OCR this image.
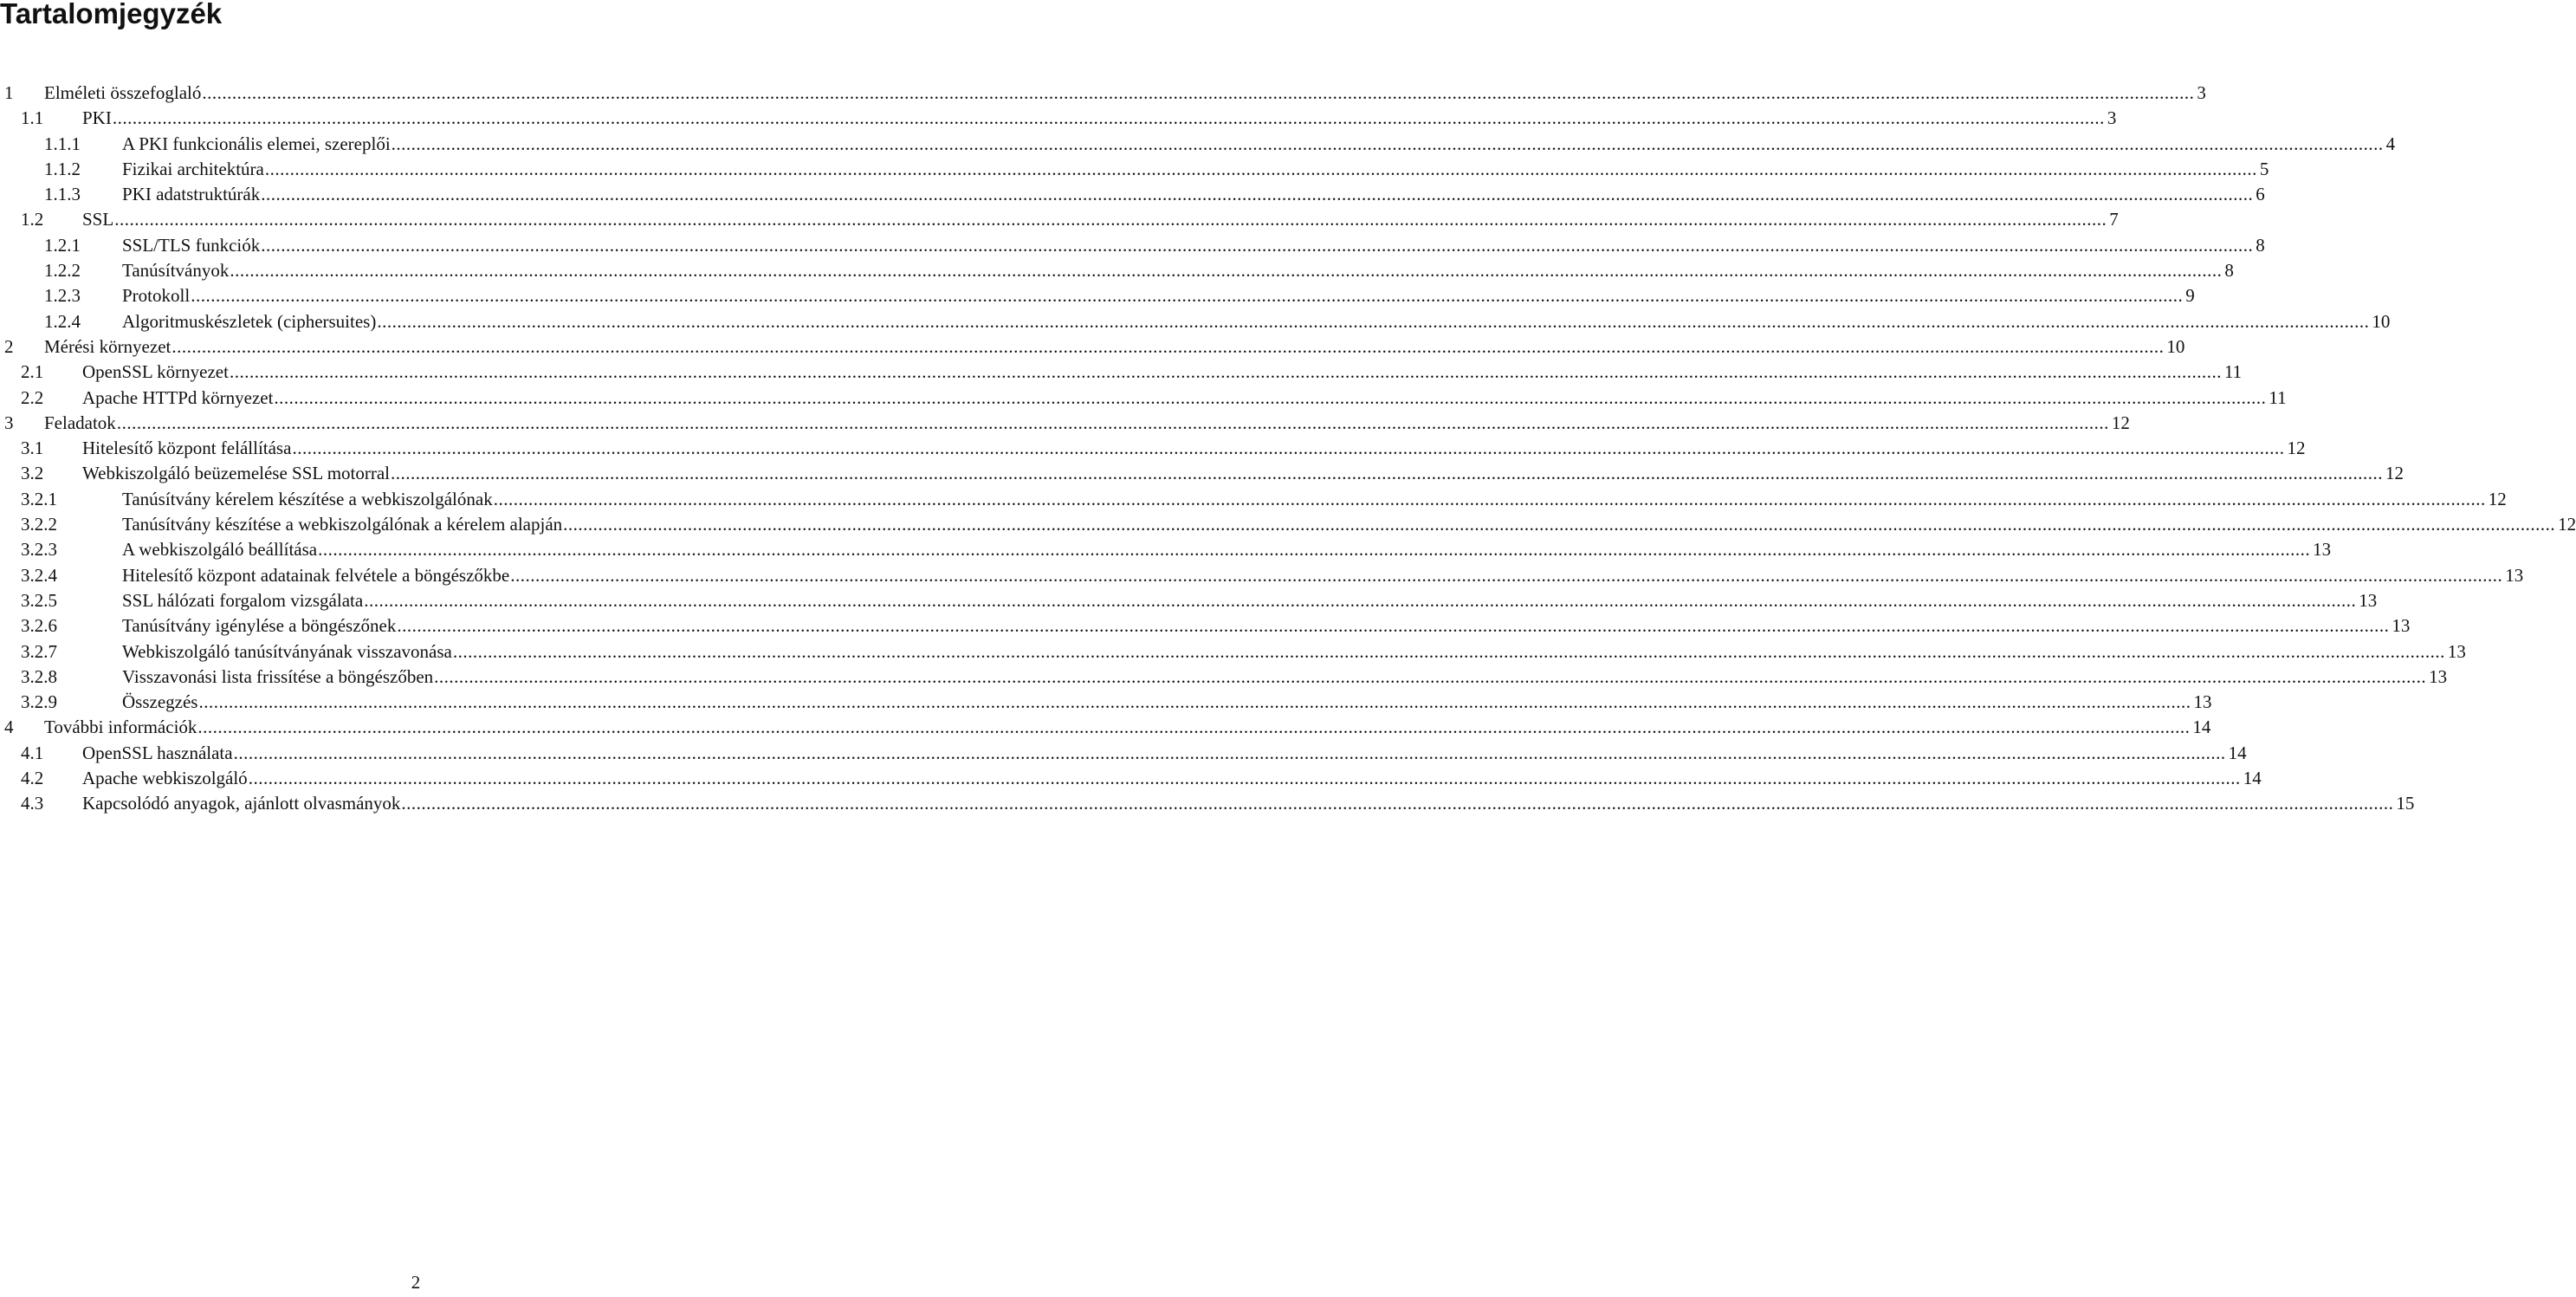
Tartalomjegyzék
1 Elméleti összefoglaló ................................................................................................................................................................................................................................................................................................................................................................................................................ 3
1.1 PKI ................................................................................................................................................................................................................................................................................................................................................................................................................ 3
1.1.1 A PKI funkcionális elemei, szereplői ................................................................................................................................................................................................................................................................................................................................................................................................................ 4
1.1.2 Fizikai architektúra ................................................................................................................................................................................................................................................................................................................................................................................................................ 5
1.1.3 PKI adatstruktúrák ................................................................................................................................................................................................................................................................................................................................................................................................................ 6
1.2 SSL ................................................................................................................................................................................................................................................................................................................................................................................................................ 7
1.2.1 SSL/TLS funkciók ................................................................................................................................................................................................................................................................................................................................................................................................................ 8
1.2.2 Tanúsítványok ................................................................................................................................................................................................................................................................................................................................................................................................................ 8
1.2.3 Protokoll ................................................................................................................................................................................................................................................................................................................................................................................................................ 9
1.2.4 Algoritmuskészletek (ciphersuites) ................................................................................................................................................................................................................................................................................................................................................................................................................ 10
2 Mérési környezet ................................................................................................................................................................................................................................................................................................................................................................................................................ 10
2.1 OpenSSL környezet ................................................................................................................................................................................................................................................................................................................................................................................................................ 11
2.2 Apache HTTPd környezet ................................................................................................................................................................................................................................................................................................................................................................................................................ 11
3 Feladatok ................................................................................................................................................................................................................................................................................................................................................................................................................ 12
3.1 Hitelesítő központ felállítása ................................................................................................................................................................................................................................................................................................................................................................................................................ 12
3.2 Webkiszolgáló beüzemelése SSL motorral ................................................................................................................................................................................................................................................................................................................................................................................................................ 12
3.2.1	Tanúsítvány kérelem készítése a webkiszolgálónak ................................................................................................................................................................................................................................................................................................................................................................................................................ 12
3.2.2	Tanúsítvány készítése a webkiszolgálónak a kérelem alapján ................................................................................................................................................................................................................................................................................................................................................................................................................ 12
3.2.3	A webkiszolgáló beállítása ................................................................................................................................................................................................................................................................................................................................................................................................................ 13
3.2.4	Hitelesítő központ adatainak felvétele a böngészőkbe ................................................................................................................................................................................................................................................................................................................................................................................................................ 13
3.2.5	SSL hálózati forgalom vizsgálata ................................................................................................................................................................................................................................................................................................................................................................................................................ 13
3.2.6	Tanúsítvány igénylése a böngészőnek ................................................................................................................................................................................................................................................................................................................................................................................................................ 13
3.2.7	Webkiszolgáló tanúsítványának visszavonása ................................................................................................................................................................................................................................................................................................................................................................................................................ 13
3.2.8	Visszavonási lista frissítése a böngészőben ................................................................................................................................................................................................................................................................................................................................................................................................................ 13
3.2.9	Összegzés ................................................................................................................................................................................................................................................................................................................................................................................................................ 13
4 További információk ................................................................................................................................................................................................................................................................................................................................................................................................................ 14
4.1 OpenSSL használata ................................................................................................................................................................................................................................................................................................................................................................................................................ 14
4.2 Apache webkiszolgáló ................................................................................................................................................................................................................................................................................................................................................................................................................ 14
4.3 Kapcsolódó anyagok, ajánlott olvasmányok ................................................................................................................................................................................................................................................................................................................................................................................................................ 15
2
